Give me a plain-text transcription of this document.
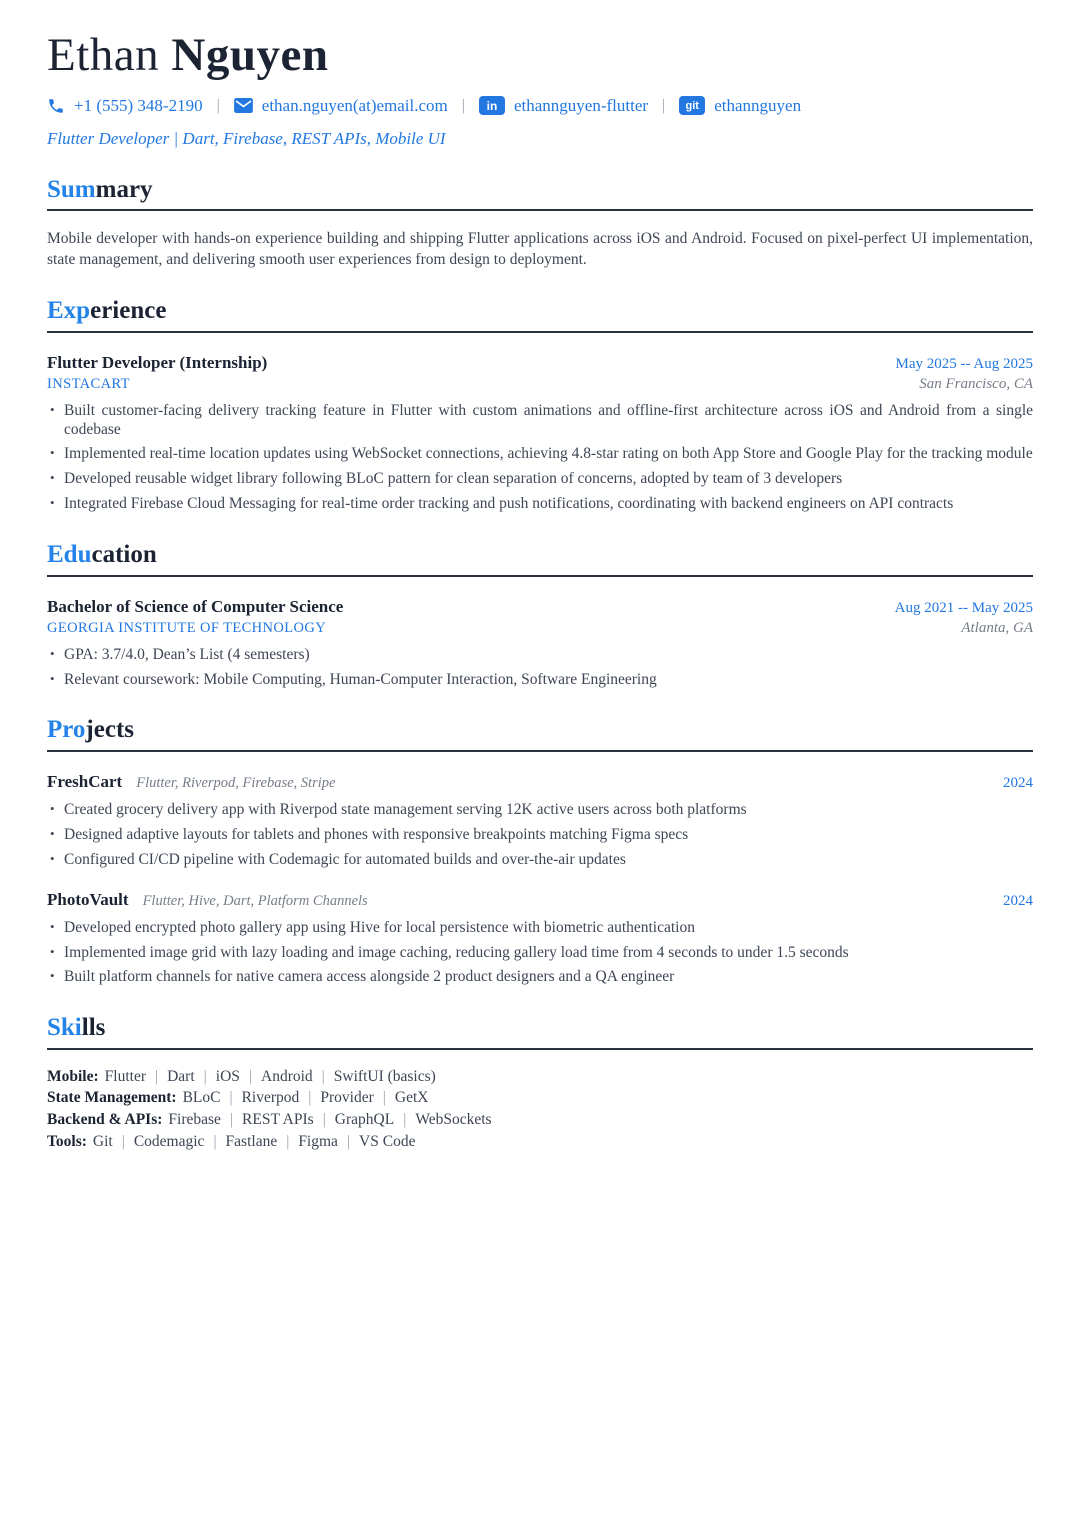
Ethan Nguyen
+1 (555) 348-2190 | ethan.nguyen(at)email.com |	in ethannguyen-flutter |	git ethannguyen
Flutter Developer | Dart, Firebase, REST APIs, Mobile UI
Summary

Mobile developer with hands-on experience building and shipping Flutter applications across iOS and Android. Focused on pixel-perfect UI implementation, state management, and delivering smooth user experiences from design to deployment.

Experience
Flutter Developer (Internship)	May 2025 -- Aug 2025
INSTACART	San Francisco, CA
• Built customer-facing delivery tracking feature in Flutter with custom animations and offline-first architecture across iOS and Android from a single codebase
• Implemented real-time location updates using WebSocket connections, achieving 4.8-star rating on both App Store and Google Play for the tracking module
• Developed reusable widget library following BLoC pattern for clean separation of concerns, adopted by team of 3 developers
• Integrated Firebase Cloud Messaging for real-time order tracking and push notifications, coordinating with backend engineers on API contracts
Education
Bachelor of Science of Computer Science	Aug 2021 -- May 2025
GEORGIA INSTITUTE OF TECHNOLOGY	Atlanta, GA
• GPA: 3.7/4.0, Dean’s List (4 semesters)
• Relevant coursework: Mobile Computing, Human-Computer Interaction, Software Engineering
Projects
FreshCart Flutter, Riverpod, Firebase, Stripe	2024
• Created grocery delivery app with Riverpod state management serving 12K active users across both platforms
• Designed adaptive layouts for tablets and phones with responsive breakpoints matching Figma specs
• Configured CI/CD pipeline with Codemagic for automated builds and over-the-air updates
PhotoVault Flutter, Hive, Dart, Platform Channels	2024
• Developed encrypted photo gallery app using Hive for local persistence with biometric authentication
• Implemented image grid with lazy loading and image caching, reducing gallery load time from 4 seconds to under 1.5 seconds
• Built platform channels for native camera access alongside 2 product designers and a QA engineer
Skills
Mobile: Flutter | Dart | iOS | Android | SwiftUI (basics)
State Management: BLoC | Riverpod | Provider | GetX
Backend & APIs: Firebase | REST APIs | GraphQL | WebSockets
Tools: Git | Codemagic | Fastlane | Figma | VS Code
